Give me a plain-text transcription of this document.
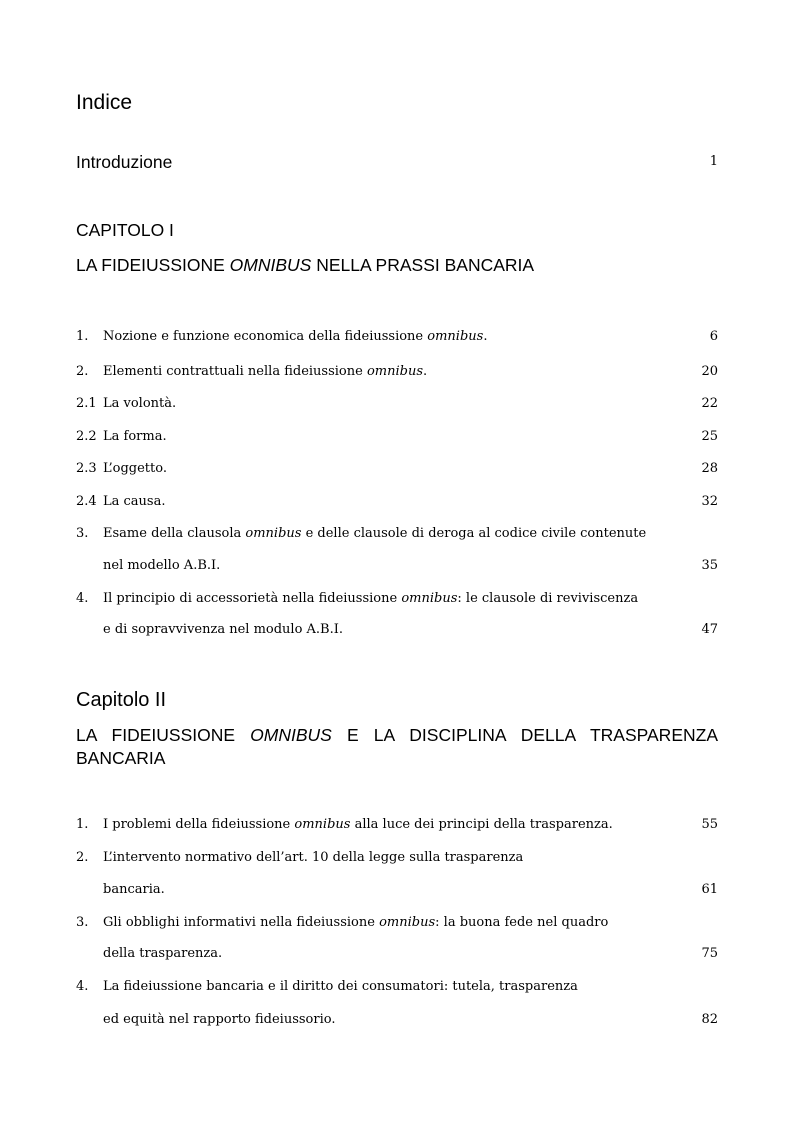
Indice
Introduzione	1
CAPITOLO I
LA FIDEIUSSIONE OMNIBUS NELLA PRASSI BANCARIA
1. Nozione e funzione economica della fideiussione omnibus.	6
2. Elementi contrattuali nella fideiussione omnibus.	20
2.1 La volontà.	22
2.2 La forma.	25
2.3 L’oggetto.	28
2.4 La causa.	32
3. Esame della clausola omnibus e delle clausole di deroga al codice civile contenute
nel modello A.B.I.	35
4. Il principio di accessorietà nella fideiussione omnibus: le clausole di reviviscenza
e di sopravvivenza nel modulo A.B.I.	47
Capitolo II
LA FIDEIUSSIONE OMNIBUS E LA DISCIPLINA DELLA TRASPARENZA BANCARIA
1. I problemi della fideiussione omnibus alla luce dei principi della trasparenza.	55
2. L’intervento normativo dell’art. 10 della legge sulla trasparenza
bancaria.	61
3. Gli obblighi informativi nella fideiussione omnibus: la buona fede nel quadro
della trasparenza.	75
4. La fideiussione bancaria e il diritto dei consumatori: tutela, trasparenza
ed equità nel rapporto fideiussorio.	82
